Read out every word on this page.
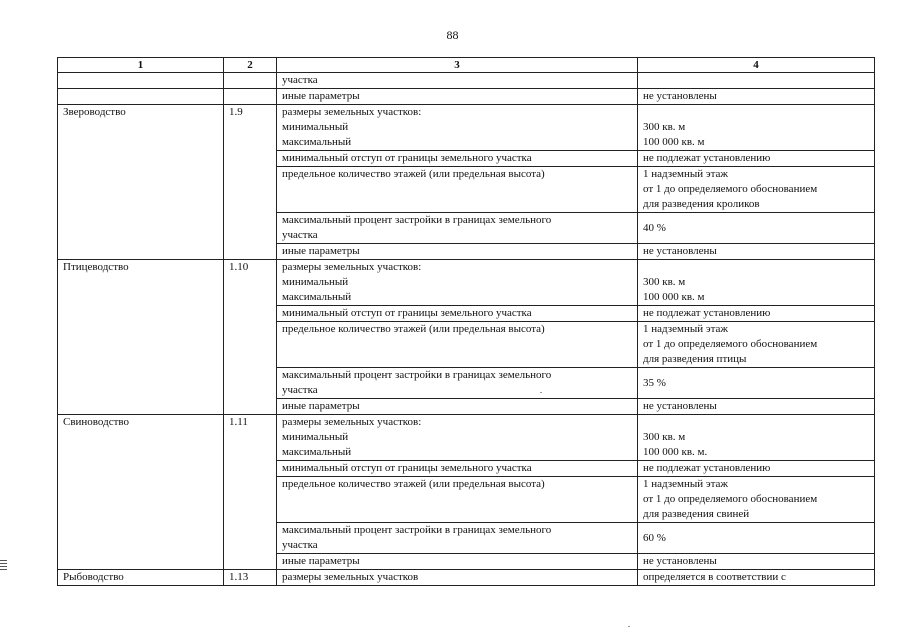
88
1	2	3	4

		участка	

		иные параметры	не установлены

Звероводство	1.9	размеры земельных участков:
минимальный
максимальный	300 кв. м
100 000 кв. м

		минимальный отступ от границы земельного участка	не подлежат установлению

		предельное количество этажей (или предельная высота)	1 надземный этаж
от 1 до определяемого обоснованием
для разведения кроликов

		максимальный процент застройки в границах земельного
участка	40 %

		иные параметры	не установлены

Птицеводство	1.10	размеры земельных участков:
минимальный
максимальный	300 кв. м
100 000 кв. м

		минимальный отступ от границы земельного участка	не подлежат установлению

		предельное количество этажей (или предельная высота)	1 надземный этаж
от 1 до определяемого обоснованием
для разведения птицы

		максимальный процент застройки в границах земельного
участка	35 %

		иные параметры	не установлены

Свиноводство	1.11	размеры земельных участков:
минимальный
максимальный	300 кв. м
100 000 кв. м.

		минимальный отступ от границы земельного участка	не подлежат установлению

		предельное количество этажей (или предельная высота)	1 надземный этаж
от 1 до определяемого обоснованием
для разведения свиней

		максимальный процент застройки в границах земельного
участка	60 %

		иные параметры	не установлены

Рыбоводство	1.13	размеры земельных участков	определяется в соответствии с
